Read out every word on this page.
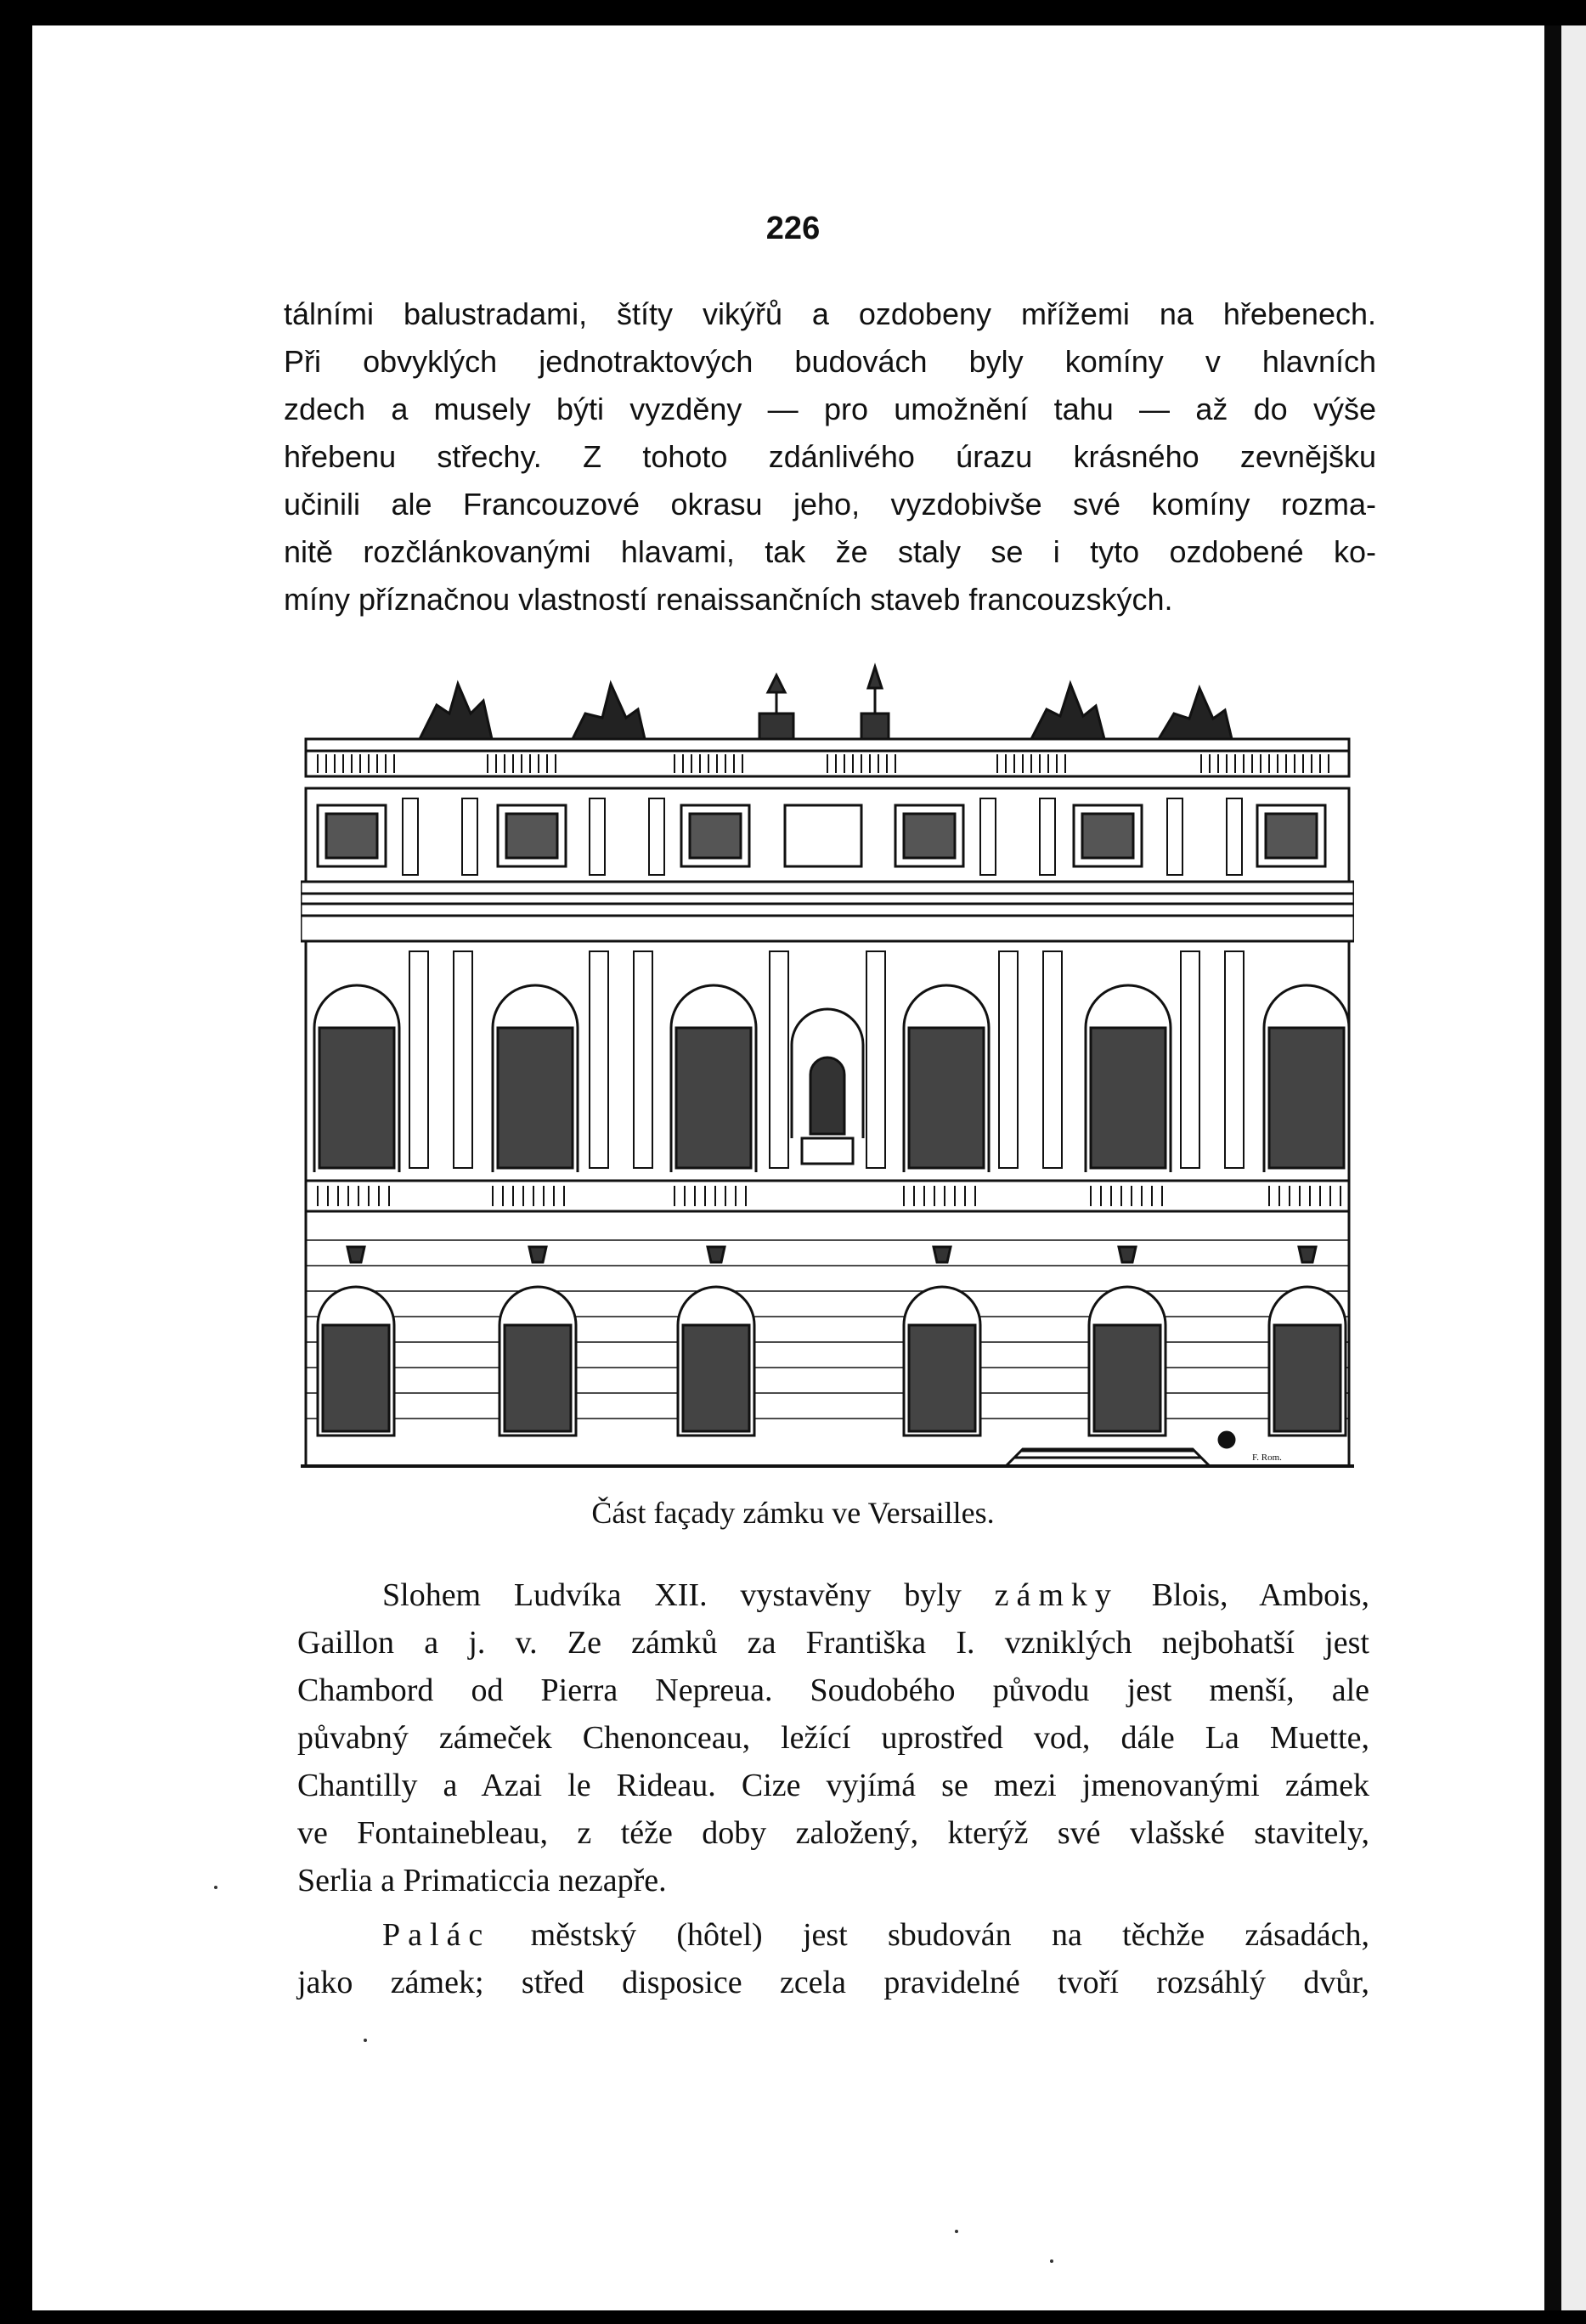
226
tálními balustradami, štíty vikýřů a ozdobeny mřížemi na hřebenech.
Při obvyklých jednotraktových budovách byly komíny v hlavních
zdech a musely býti vyzděny — pro umožnění tahu — až do výše
hřebenu střechy. Z tohoto zdánlivého úrazu krásného zevnějšku
učinili ale Francouzové okrasu jeho, vyzdobivše své komíny rozma-
nitě rozčlánkovanými hlavami, tak že staly se i tyto ozdobené ko-
míny příznačnou vlastností renaissančních staveb francouzských.
F. Rom.
Část façady zámku ve Versailles.
Slohem Ludvíka XII. vystavěny byly zámky Blois, Ambois,
Gaillon a j. v. Ze zámků za Františka I. vzniklých nejbohatší jest
Chambord od Pierra Nepreua. Soudobého původu jest menší, ale
půvabný zámeček Chenonceau, ležící uprostřed vod, dále La Muette,
Chantilly a Azai le Rideau. Cize vyjímá se mezi jmenovanými zámek
ve Fontainebleau, z téže doby založený, kterýž své vlašské stavitely,
Serlia a Primaticcia nezapře.
Palác městský (hôtel) jest sbudován na těchže zásadách,
jako zámek; střed disposice zcela pravidelné tvoří rozsáhlý dvůr,
